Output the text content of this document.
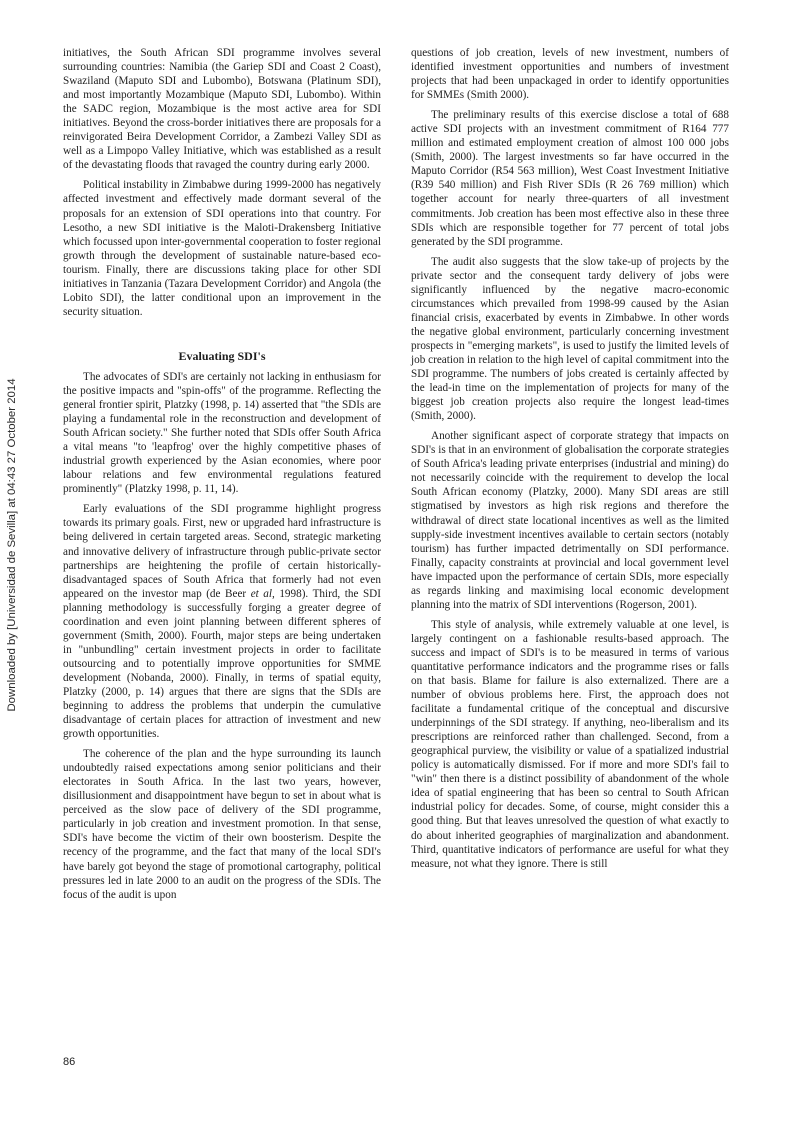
Downloaded by [Universidad de Sevilla] at 04:43 27 October 2014

initiatives, the South African SDI programme involves several surrounding countries: Namibia (the Gariep SDI and Coast 2 Coast), Swaziland (Maputo SDI and Lubombo), Botswana (Platinum SDI), and most importantly Mozambique (Maputo SDI, Lubombo). Within the SADC region, Mozambique is the most active area for SDI initiatives. Beyond the cross-border initiatives there are proposals for a reinvigorated Beira Development Corridor, a Zambezi Valley SDI as well as a Limpopo Valley Initiative, which was established as a result of the devastating floods that ravaged the country during early 2000.

Political instability in Zimbabwe during 1999-2000 has negatively affected investment and effectively made dormant several of the proposals for an extension of SDI operations into that country. For Lesotho, a new SDI initiative is the Maloti-Drakensberg Initiative which focussed upon inter-governmental cooperation to foster regional growth through the development of sustainable nature-based eco-tourism. Finally, there are discussions taking place for other SDI initiatives in Tanzania (Tazara Development Corridor) and Angola (the Lobito SDI), the latter conditional upon an improvement in the security situation.

Evaluating SDI's

The advocates of SDI's are certainly not lacking in enthusiasm for the positive impacts and "spin-offs" of the programme. Reflecting the general frontier spirit, Platzky (1998, p. 14) asserted that "the SDIs are playing a fundamental role in the reconstruction and development of South African society." She further noted that SDIs offer South Africa a vital means "to 'leapfrog' over the highly competitive phases of industrial growth experienced by the Asian economies, where poor labour relations and few environmental regulations featured prominently" (Platzky 1998, p. 11, 14).

Early evaluations of the SDI programme highlight progress towards its primary goals. First, new or upgraded hard infrastructure is being delivered in certain targeted areas. Second, strategic marketing and innovative delivery of infrastructure through public-private sector partnerships are heightening the profile of certain historically-disadvantaged spaces of South Africa that formerly had not even appeared on the investor map (de Beer et al, 1998). Third, the SDI planning methodology is successfully forging a greater degree of coordination and even joint planning between different spheres of government (Smith, 2000). Fourth, major steps are being undertaken in "unbundling" certain investment projects in order to facilitate outsourcing and to potentially improve opportunities for SMME development (Nobanda, 2000). Finally, in terms of spatial equity, Platzky (2000, p. 14) argues that there are signs that the SDIs are beginning to address the problems that underpin the cumulative disadvantage of certain places for attraction of investment and new growth opportunities.

The coherence of the plan and the hype surrounding its launch undoubtedly raised expectations among senior politicians and their electorates in South Africa. In the last two years, however, disillusionment and disappointment have begun to set in about what is perceived as the slow pace of delivery of the SDI programme, particularly in job creation and investment promotion. In that sense, SDI's have become the victim of their own boosterism. Despite the recency of the programme, and the fact that many of the local SDI's have barely got beyond the stage of promotional cartography, political pressures led in late 2000 to an audit on the progress of the SDIs. The focus of the audit is upon

questions of job creation, levels of new investment, numbers of identified investment opportunities and numbers of investment projects that had been unpackaged in order to identify opportunities for SMMEs (Smith 2000).

The preliminary results of this exercise disclose a total of 688 active SDI projects with an investment commitment of R164 777 million and estimated employment creation of almost 100 000 jobs (Smith, 2000). The largest investments so far have occurred in the Maputo Corridor (R54 563 million), West Coast Investment Initiative (R39 540 million) and Fish River SDIs (R 26 769 million) which together account for nearly three-quarters of all investment commitments. Job creation has been most effective also in these three SDIs which are responsible together for 77 percent of total jobs generated by the SDI programme.

The audit also suggests that the slow take-up of projects by the private sector and the consequent tardy delivery of jobs were significantly influenced by the negative macro-economic circumstances which prevailed from 1998-99 caused by the Asian financial crisis, exacerbated by events in Zimbabwe. In other words the negative global environment, particularly concerning investment prospects in "emerging markets", is used to justify the limited levels of job creation in relation to the high level of capital commitment into the SDI programme. The numbers of jobs created is certainly affected by the lead-in time on the implementation of projects for many of the biggest job creation projects also require the longest lead-times (Smith, 2000).

Another significant aspect of corporate strategy that impacts on SDI's is that in an environment of globalisation the corporate strategies of South Africa's leading private enterprises (industrial and mining) do not necessarily coincide with the requirement to develop the local South African economy (Platzky, 2000). Many SDI areas are still stigmatised by investors as high risk regions and therefore the withdrawal of direct state locational incentives as well as the limited supply-side investment incentives available to certain sectors (notably tourism) has further impacted detrimentally on SDI performance. Finally, capacity constraints at provincial and local government level have impacted upon the performance of certain SDIs, more especially as regards linking and maximising local economic development planning into the matrix of SDI interventions (Rogerson, 2001).

This style of analysis, while extremely valuable at one level, is largely contingent on a fashionable results-based approach. The success and impact of SDI's is to be measured in terms of various quantitative performance indicators and the programme rises or falls on that basis. Blame for failure is also externalized. There are a number of obvious problems here. First, the approach does not facilitate a fundamental critique of the conceptual and discursive underpinnings of the SDI strategy. If anything, neo-liberalism and its prescriptions are reinforced rather than challenged. Second, from a geographical purview, the visibility or value of a spatialized industrial policy is automatically dismissed. For if more and more SDI's fail to "win" then there is a distinct possibility of abandonment of the whole idea of spatial engineering that has been so central to South African industrial policy for decades. Some, of course, might consider this a good thing. But that leaves unresolved the question of what exactly to do about inherited geographies of marginalization and abandonment. Third, quantitative indicators of performance are useful for what they measure, not what they ignore. There is still

86
